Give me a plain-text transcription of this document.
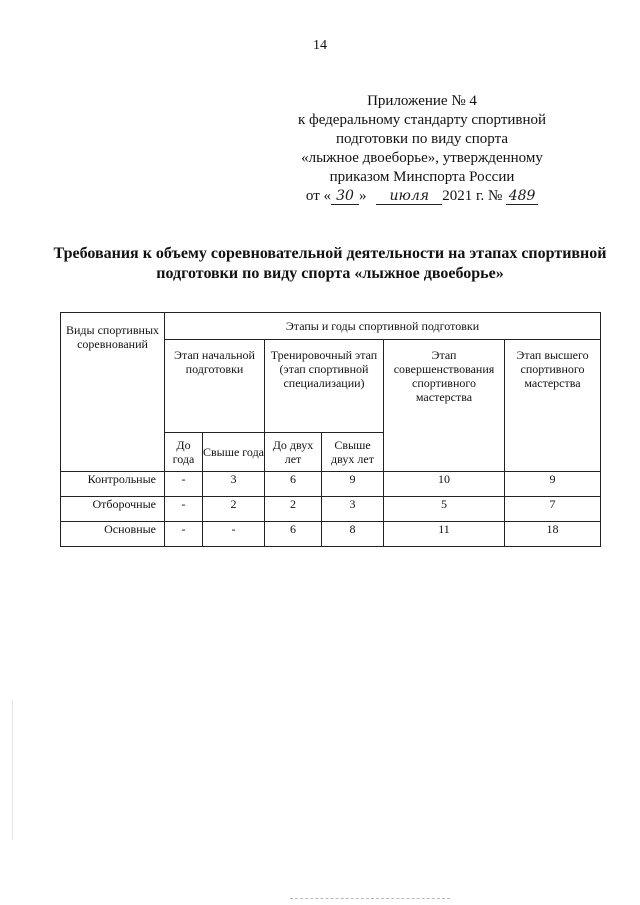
14
Приложение № 4
к федеральному стандарту спортивной
подготовки по виду спорта
«лыжное двоеборье», утвержденному
приказом Минспорта России
от « 30 » июля 2021 г. № 489
Требования к объему соревновательной деятельности на этапах спортивной
подготовки по виду спорта «лыжное двоеборье»
Виды спортивных соревнований	Этапы и годы спортивной подготовки					
	Этап начальной подготовки		Тренировочный этап (этап спортивной специализации)		Этап совершенствования спортивного мастерства	Этап высшего спортивного мастерства
	До года	Свыше года	До двух лет	Свыше двух лет		
Контрольные	-	3	6	9	10	9
Отборочные	-	2	2	3	5	7
Основные	-	-	6	8	11	18
